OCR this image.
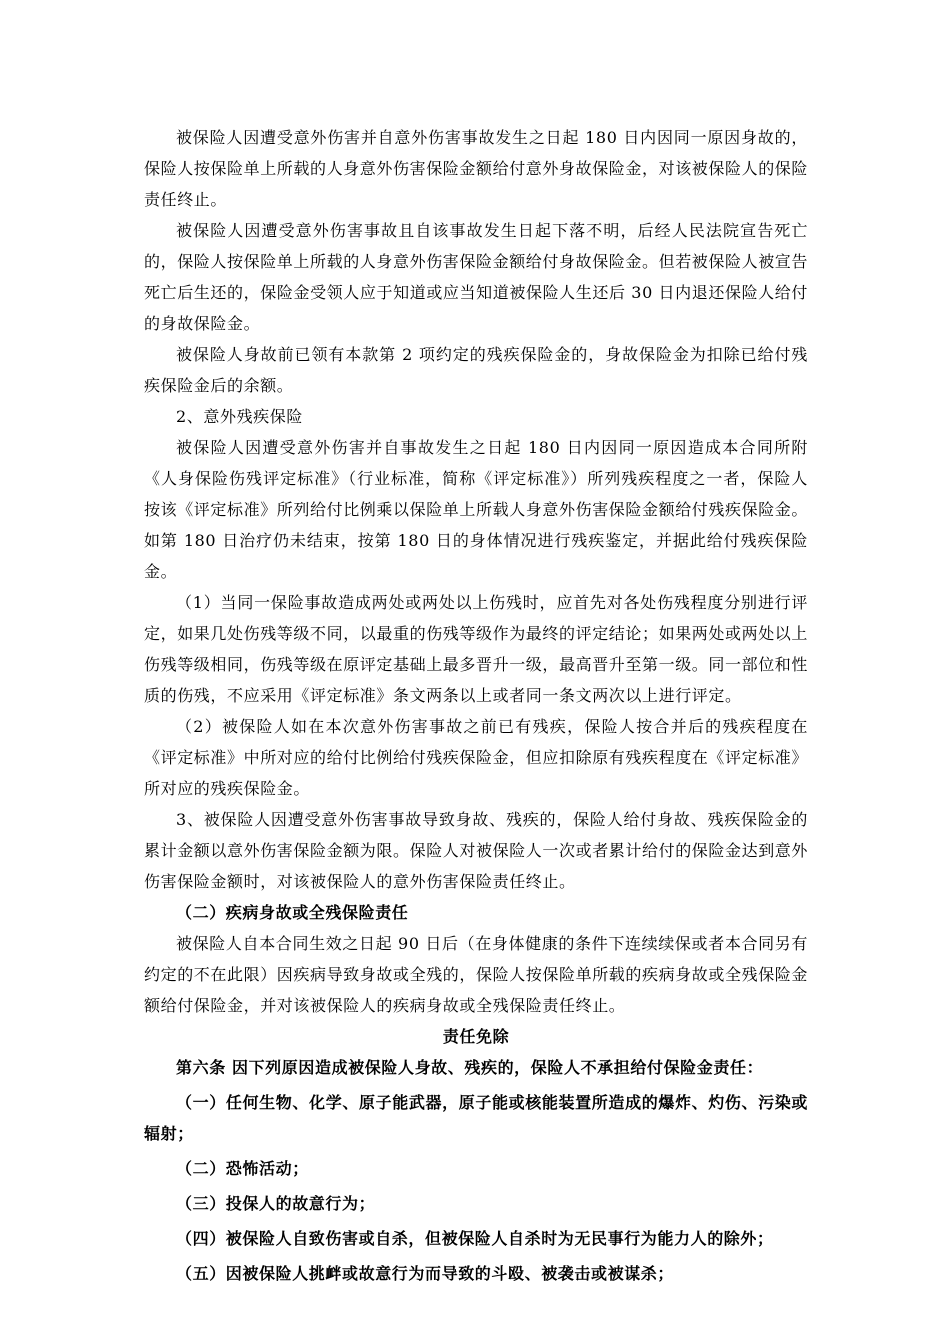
被保险人因遭受意外伤害并自意外伤害事故发生之日起 180 日内因同一原因身故的，保险人按保险单上所载的人身意外伤害保险金额给付意外身故保险金，对该被保险人的保险责任终止。

被保险人因遭受意外伤害事故且自该事故发生日起下落不明，后经人民法院宣告死亡的，保险人按保险单上所载的人身意外伤害保险金额给付身故保险金。但若被保险人被宣告死亡后生还的，保险金受领人应于知道或应当知道被保险人生还后 30 日内退还保险人给付的身故保险金。

被保险人身故前已领有本款第 2 项约定的残疾保险金的，身故保险金为扣除已给付残疾保险金后的余额。

2、意外残疾保险

被保险人因遭受意外伤害并自事故发生之日起 180 日内因同一原因造成本合同所附《人身保险伤残评定标准》（行业标准，简称《评定标准》）所列残疾程度之一者，保险人按该《评定标准》所列给付比例乘以保险单上所载人身意外伤害保险金额给付残疾保险金。如第 180 日治疗仍未结束，按第 180 日的身体情况进行残疾鉴定，并据此给付残疾保险金。

（1）当同一保险事故造成两处或两处以上伤残时，应首先对各处伤残程度分别进行评定，如果几处伤残等级不同，以最重的伤残等级作为最终的评定结论；如果两处或两处以上伤残等级相同，伤残等级在原评定基础上最多晋升一级，最高晋升至第一级。同一部位和性质的伤残，不应采用《评定标准》条文两条以上或者同一条文两次以上进行评定。

（2）被保险人如在本次意外伤害事故之前已有残疾，保险人按合并后的残疾程度在《评定标准》中所对应的给付比例给付残疾保险金，但应扣除原有残疾程度在《评定标准》所对应的残疾保险金。

3、被保险人因遭受意外伤害事故导致身故、残疾的，保险人给付身故、残疾保险金的累计金额以意外伤害保险金额为限。保险人对被保险人一次或者累计给付的保险金达到意外伤害保险金额时，对该被保险人的意外伤害保险责任终止。

（二）疾病身故或全残保险责任

被保险人自本合同生效之日起 90 日后（在身体健康的条件下连续续保或者本合同另有约定的不在此限）因疾病导致身故或全残的，保险人按保险单所载的疾病身故或全残保险金额给付保险金，并对该被保险人的疾病身故或全残保险责任终止。

责任免除

第六条 因下列原因造成被保险人身故、残疾的，保险人不承担给付保险金责任：

（一）任何生物、化学、原子能武器，原子能或核能装置所造成的爆炸、灼伤、污染或辐射；

（二）恐怖活动；

（三）投保人的故意行为；

（四）被保险人自致伤害或自杀，但被保险人自杀时为无民事行为能力人的除外；

（五）因被保险人挑衅或故意行为而导致的斗殴、被袭击或被谋杀；
